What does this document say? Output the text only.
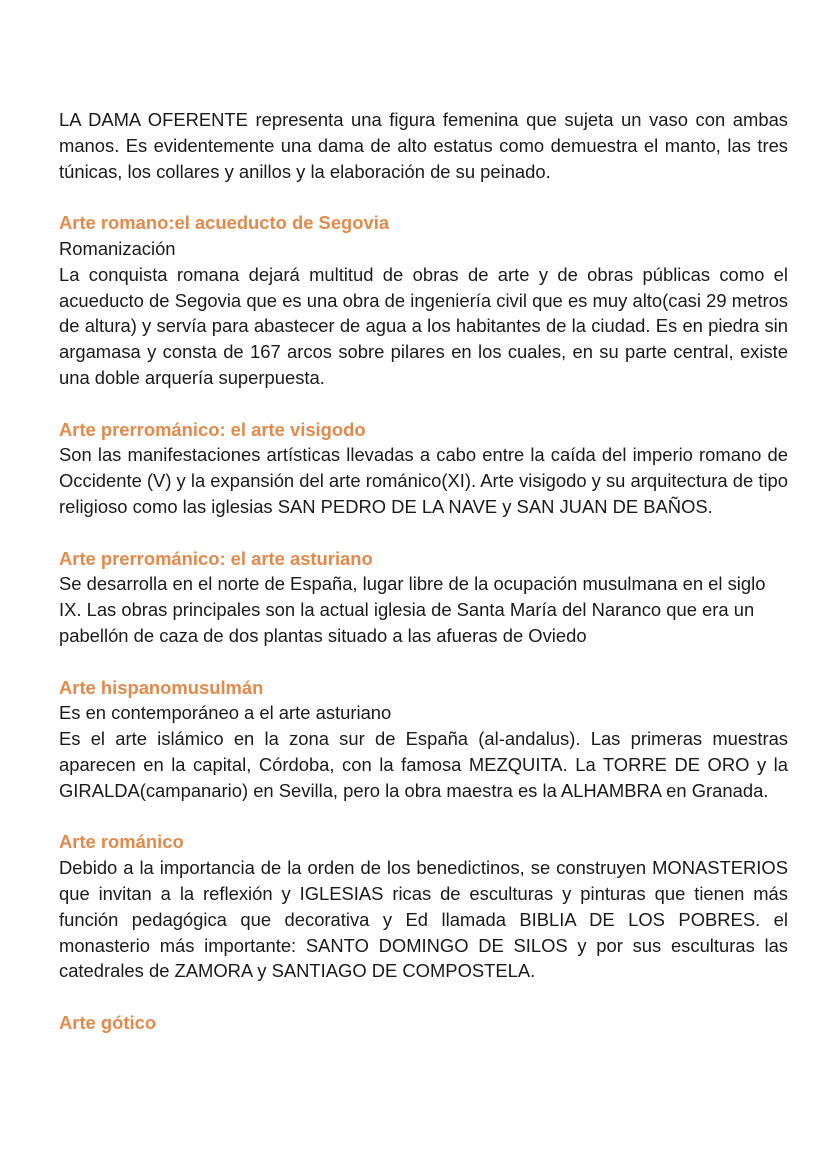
LA DAMA OFERENTE representa una figura femenina que sujeta un vaso con ambas manos. Es evidentemente una dama de alto estatus como demuestra el manto, las tres túnicas, los collares y anillos y la elaboración de su peinado.

Arte romano:el acueducto de Segovia

Romanización

La conquista romana dejará multitud de obras de arte y de obras públicas como el acueducto de Segovia que es una obra de ingeniería civil que es muy alto(casi 29 metros de altura) y servía para abastecer de agua a los habitantes de la ciudad. Es en piedra sin argamasa y consta de 167 arcos sobre pilares en los cuales, en su parte central, existe una doble arquería superpuesta.

Arte prerrománico: el arte visigodo

Son las manifestaciones artísticas llevadas a cabo entre la caída del imperio romano de Occidente (V) y la expansión del arte románico(XI). Arte visigodo y su arquitectura de tipo religioso como las iglesias SAN PEDRO DE LA NAVE y SAN JUAN DE BAÑOS.

Arte prerrománico: el arte asturiano

Se desarrolla en el norte de España, lugar libre de la ocupación musulmana en el siglo IX. Las obras principales son la actual iglesia de Santa María del Naranco que era un pabellón de caza de dos plantas situado a las afueras de Oviedo

Arte hispanomusulmán

Es en contemporáneo a el arte asturiano

Es el arte islámico en la zona sur de España (al-andalus). Las primeras muestras aparecen en la capital, Córdoba, con la famosa MEZQUITA. La TORRE DE ORO y la GIRALDA(campanario) en Sevilla, pero la obra maestra es la ALHAMBRA en Granada.

Arte románico

Debido a la importancia de la orden de los benedictinos, se construyen MONASTERIOS que invitan a la reflexión y IGLESIAS ricas de esculturas y pinturas que tienen más función pedagógica que decorativa y Ed llamada BIBLIA DE LOS POBRES. el monasterio más importante: SANTO DOMINGO DE SILOS y por sus esculturas las catedrales de ZAMORA y SANTIAGO DE COMPOSTELA.

Arte gótico
